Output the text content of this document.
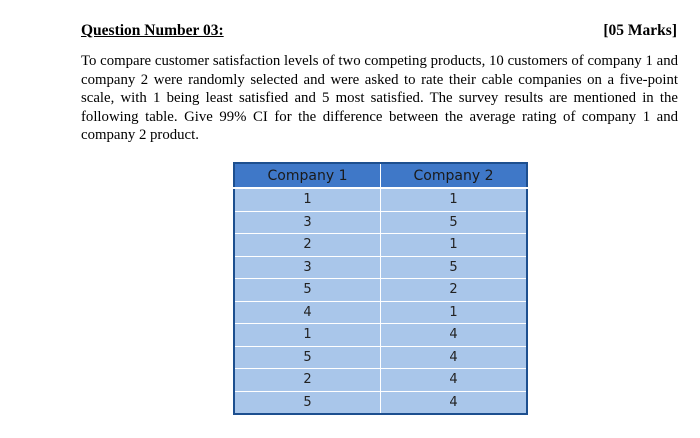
Question Number 03:	[05 Marks]
To compare customer satisfaction levels of two competing products, 10 customers of company 1 and company 2 were randomly selected and were asked to rate their cable companies on a five-point scale, with 1 being least satisfied and 5 most satisfied. The survey results are mentioned in the following table. Give 99% CI for the difference between the average rating of company 1 and company 2 product.
Company 1	Company 2
1	1
3	5
2	1
3	5
5	2
4	1
1	4
5	4
2	4
5	4
